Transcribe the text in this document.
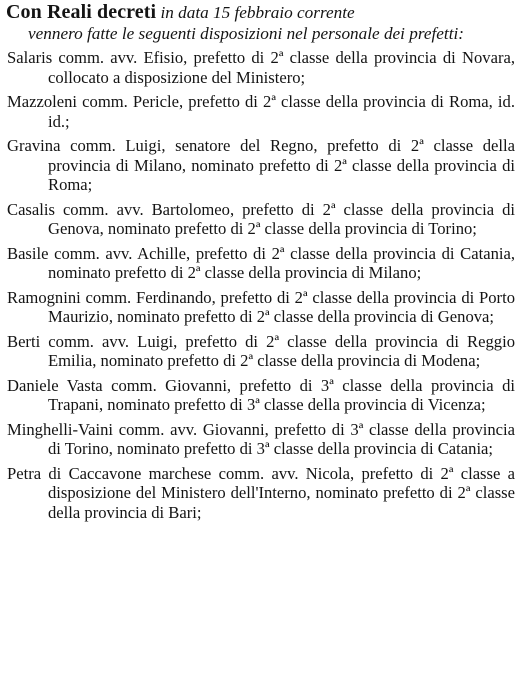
Con Reali decreti in data 15 febbraio corrente
vennero fatte le seguenti disposizioni nel personale dei prefetti:

Salaris comm. avv. Efisio, prefetto di 2ª classe della provincia di Novara, collocato a disposizione del Ministero;

Mazzoleni comm. Pericle, prefetto di 2ª classe della provincia di Roma, id. id.;

Gravina comm. Luigi, senatore del Regno, prefetto di 2ª classe della provincia di Milano, nominato prefetto di 2ª classe della provincia di Roma;

Casalis comm. avv. Bartolomeo, prefetto di 2ª classe della provincia di Genova, nominato prefetto di 2ª classe della provincia di Torino;

Basile comm. avv. Achille, prefetto di 2ª classe della provincia di Catania, nominato prefetto di 2ª classe della provincia di Milano;

Ramognini comm. Ferdinando, prefetto di 2ª classe della provincia di Porto Maurizio, nominato prefetto di 2ª classe della provincia di Genova;

Berti comm. avv. Luigi, prefetto di 2ª classe della provincia di Reggio Emilia, nominato prefetto di 2ª classe della provincia di Modena;

Daniele Vasta comm. Giovanni, prefetto di 3ª classe della provincia di Trapani, nominato prefetto di 3ª classe della provincia di Vicenza;

Minghelli-Vaini comm. avv. Giovanni, prefetto di 3ª classe della provincia di Torino, nominato prefetto di 3ª classe della provincia di Catania;

Petra di Caccavone marchese comm. avv. Nicola, prefetto di 2ª classe a disposizione del Ministero dell'Interno, nominato prefetto di 2ª classe della provincia di Bari;
